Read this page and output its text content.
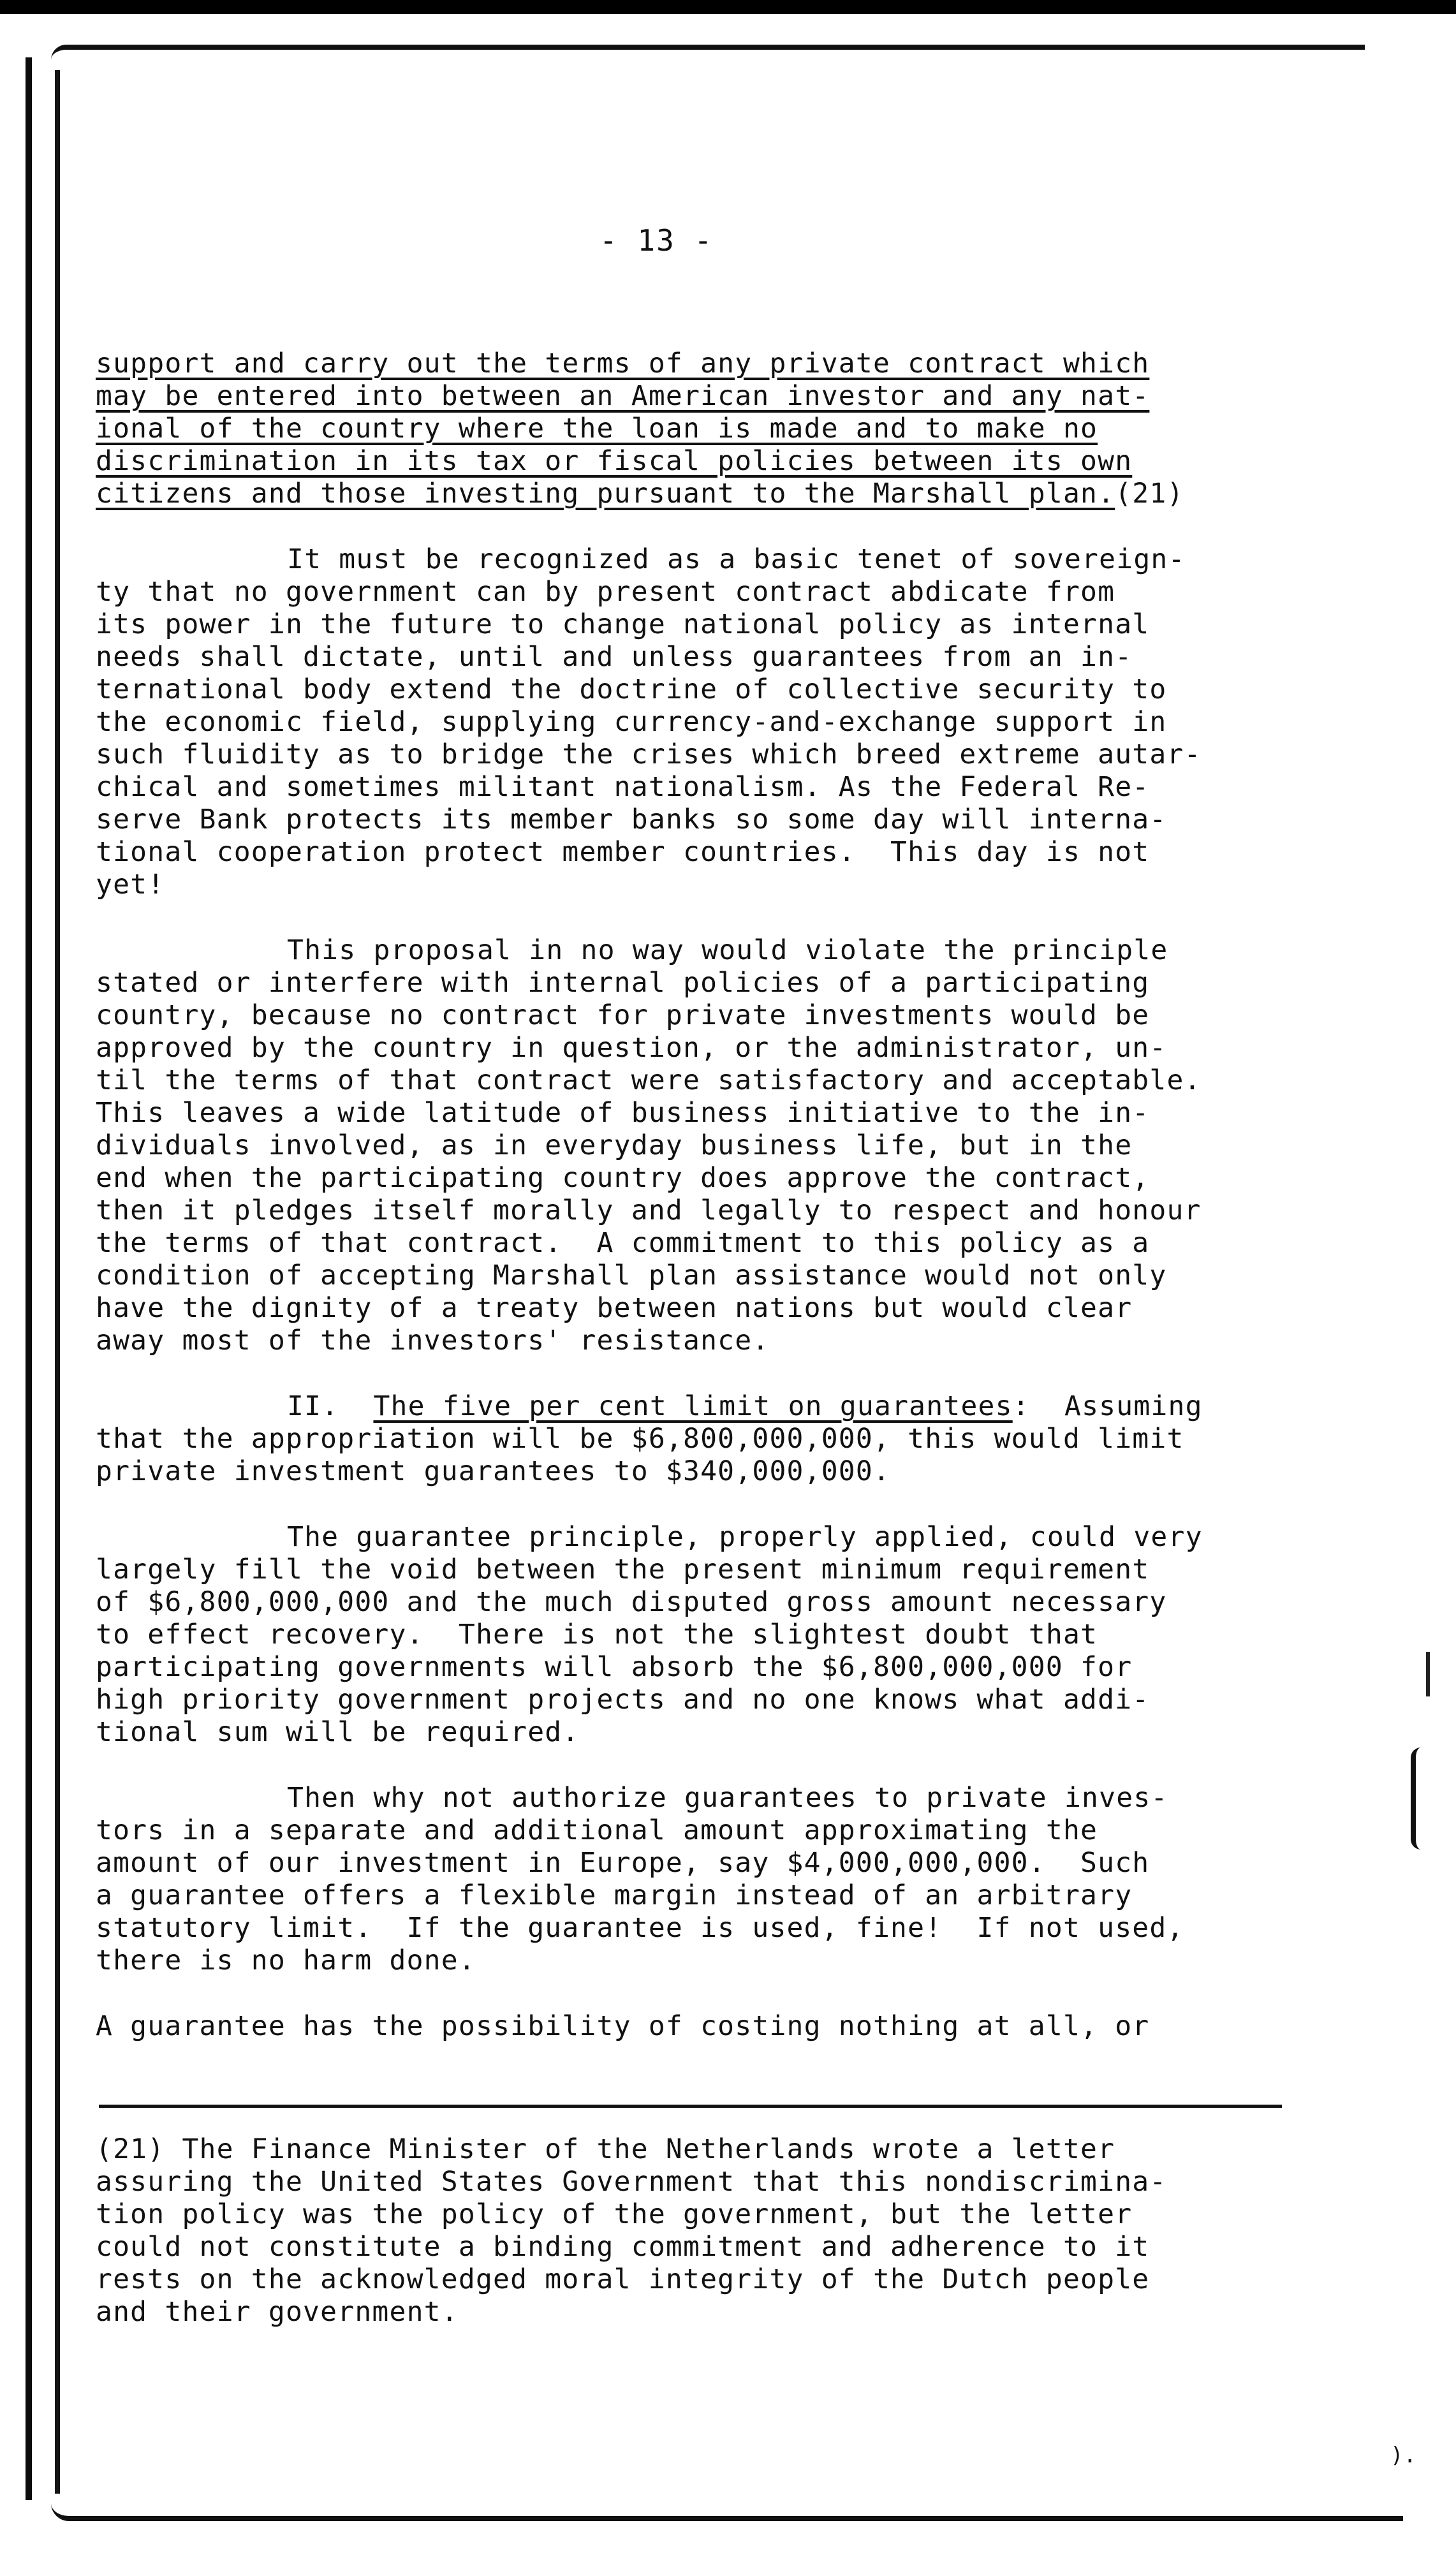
).
- 13 -
support and carry out the terms of any private contract which
may be entered into between an American investor and any nat-
ional of the country where the loan is made and to make no
discrimination in its tax or fiscal policies between its own
citizens and those investing pursuant to the Marshall plan.(21)
It must be recognized as a basic tenet of sovereign-
ty that no government can by present contract abdicate from
its power in the future to change national policy as internal
needs shall dictate, until and unless guarantees from an in-
ternational body extend the doctrine of collective security to
the economic field, supplying currency-and-exchange support in
such fluidity as to bridge the crises which breed extreme autar-
chical and sometimes militant nationalism. As the Federal Re-
serve Bank protects its member banks so some day will interna-
tional cooperation protect member countries.  This day is not
yet!
This proposal in no way would violate the principle
stated or interfere with internal policies of a participating
country, because no contract for private investments would be
approved by the country in question, or the administrator, un-
til the terms of that contract were satisfactory and acceptable.
This leaves a wide latitude of business initiative to the in-
dividuals involved, as in everyday business life, but in the
end when the participating country does approve the contract,
then it pledges itself morally and legally to respect and honour
the terms of that contract.  A commitment to this policy as a
condition of accepting Marshall plan assistance would not only
have the dignity of a treaty between nations but would clear
away most of the investors' resistance.
II. The five per cent limit on guarantees:  Assuming
that the appropriation will be $6,800,000,000, this would limit
private investment guarantees to $340,000,000.
The guarantee principle, properly applied, could very
largely fill the void between the present minimum requirement
of $6,800,000,000 and the much disputed gross amount necessary
to effect recovery.  There is not the slightest doubt that
participating governments will absorb the $6,800,000,000 for
high priority government projects and no one knows what addi-
tional sum will be required.
Then why not authorize guarantees to private inves-
tors in a separate and additional amount approximating the
amount of our investment in Europe, say $4,000,000,000.  Such
a guarantee offers a flexible margin instead of an arbitrary
statutory limit.  If the guarantee is used, fine!  If not used,
there is no harm done.
A guarantee has the possibility of costing nothing at all, or
(21) The Finance Minister of the Netherlands wrote a letter
assuring the United States Government that this nondiscrimina-
tion policy was the policy of the government, but the letter
could not constitute a binding commitment and adherence to it
rests on the acknowledged moral integrity of the Dutch people
and their government.
